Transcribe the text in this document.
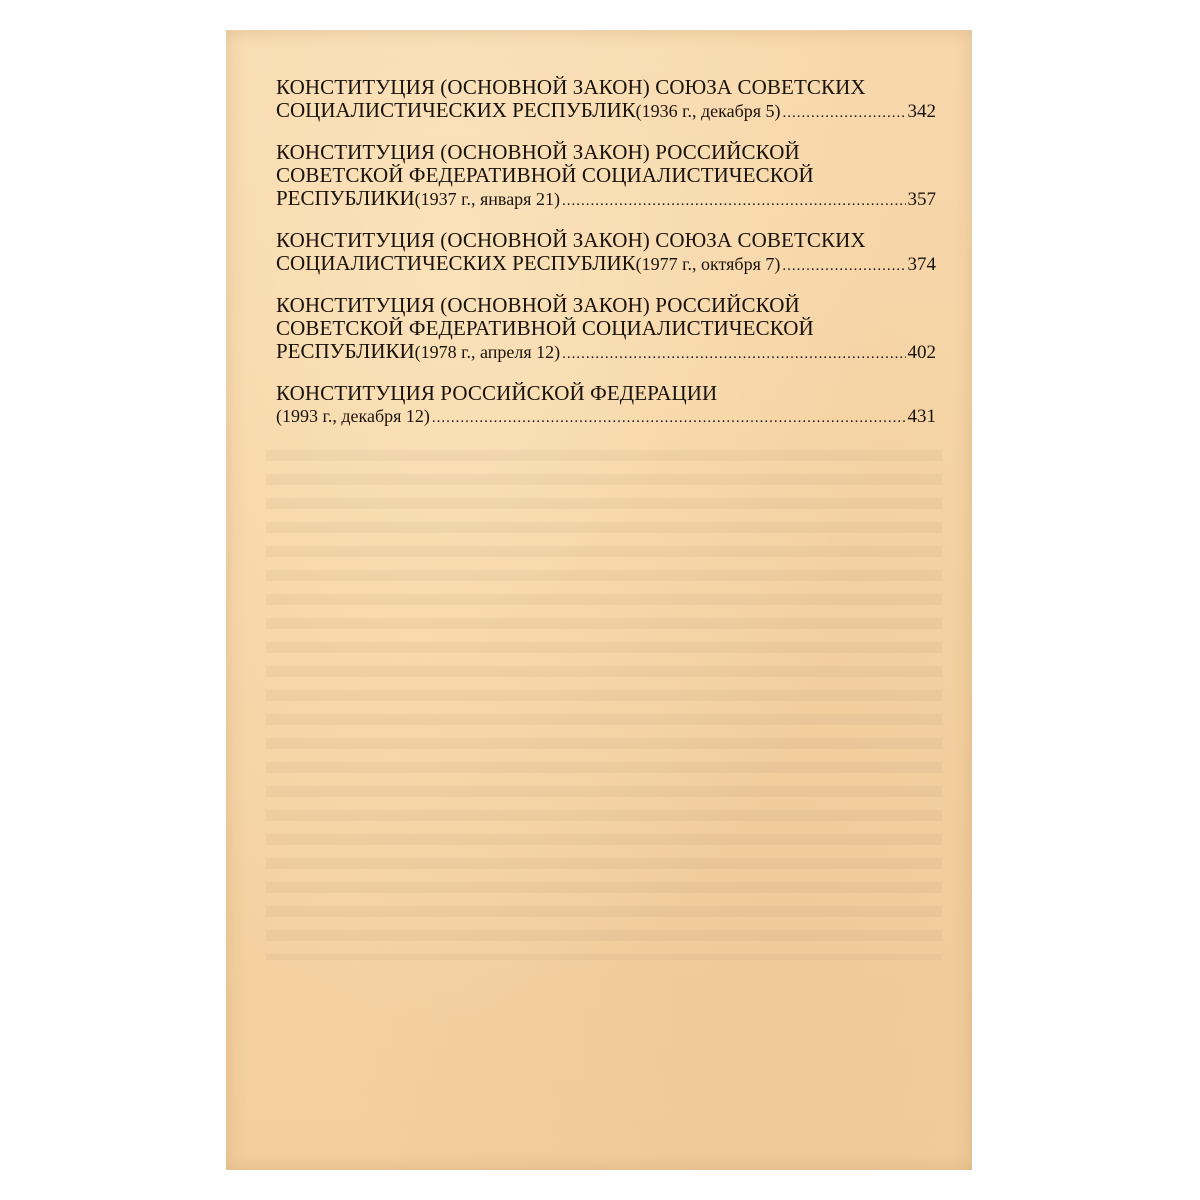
КОНСТИТУЦИЯ (ОСНОВНОЙ ЗАКОН) СОЮЗА СОВЕТСКИХ
СОЦИАЛИСТИЧЕСКИХ РЕСПУБЛИК (1936 г., декабря 5) .....	342
КОНСТИТУЦИЯ (ОСНОВНОЙ ЗАКОН) РОССИЙСКОЙ
СОВЕТСКОЙ ФЕДЕРАТИВНОЙ СОЦИАЛИСТИЧЕСКОЙ
РЕСПУБЛИКИ (1937 г., января 21) .....	357
КОНСТИТУЦИЯ (ОСНОВНОЙ ЗАКОН) СОЮЗА СОВЕТСКИХ
СОЦИАЛИСТИЧЕСКИХ РЕСПУБЛИК (1977 г., октября 7) .....	374
КОНСТИТУЦИЯ (ОСНОВНОЙ ЗАКОН) РОССИЙСКОЙ
СОВЕТСКОЙ ФЕДЕРАТИВНОЙ СОЦИАЛИСТИЧЕСКОЙ
РЕСПУБЛИКИ (1978 г., апреля 12) .....	402
КОНСТИТУЦИЯ РОССИЙСКОЙ ФЕДЕРАЦИИ
(1993 г., декабря 12) .....	431
